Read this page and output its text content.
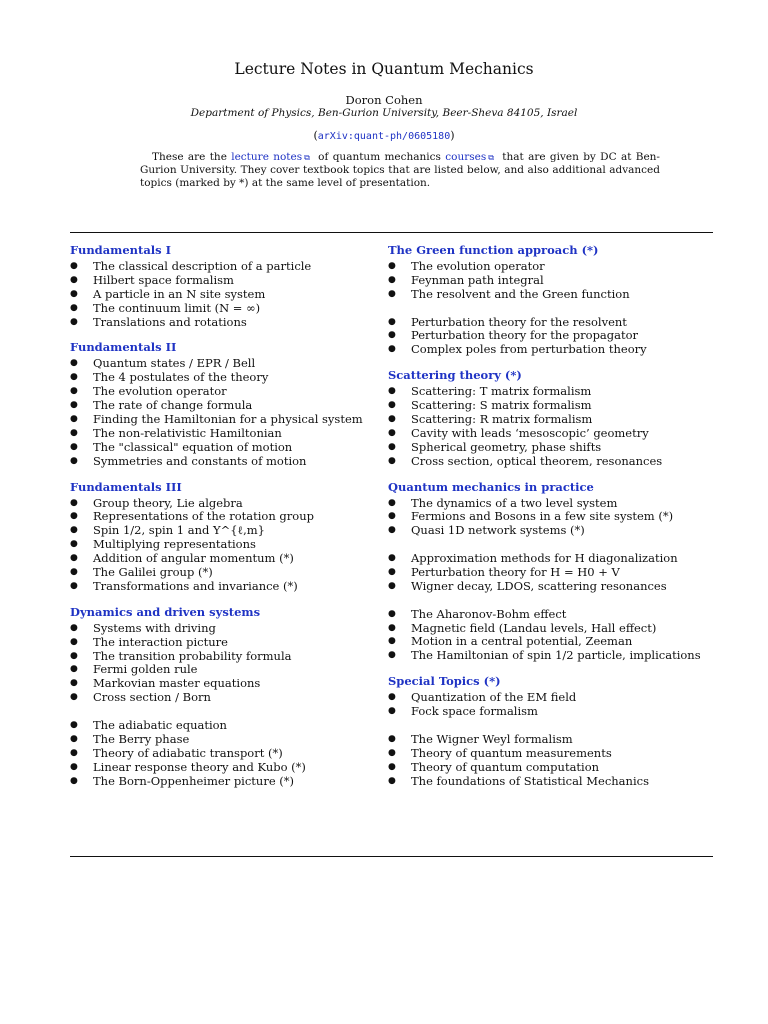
Lecture Notes in Quantum Mechanics
Doron Cohen
Department of Physics, Ben-Gurion University, Beer-Sheva 84105, Israel
(arXiv:quant-ph/0605180)
These are the lecture notes ⧉ of quantum mechanics courses ⧉ that are given by DC at Ben-Gurion University. They cover textbook topics that are listed below, and also additional advanced topics (marked by *) at the same level of presentation.
Fundamentals I
● The classical description of a particle
● Hilbert space formalism
● A particle in an N site system
● The continuum limit (N = ∞)
● Translations and rotations
Fundamentals II
● Quantum states / EPR / Bell
● The 4 postulates of the theory
● The evolution operator
● The rate of change formula
● Finding the Hamiltonian for a physical system
● The non-relativistic Hamiltonian
● The "classical" equation of motion
● Symmetries and constants of motion
Fundamentals III
● Group theory, Lie algebra
● Representations of the rotation group
● Spin 1/2, spin 1 and Y^{ℓ,m}
● Multiplying representations
● Addition of angular momentum (*)
● The Galilei group (*)
● Transformations and invariance (*)
Dynamics and driven systems
● Systems with driving
● The interaction picture
● The transition probability formula
● Fermi golden rule
● Markovian master equations
● Cross section / Born
● The adiabatic equation
● The Berry phase
● Theory of adiabatic transport (*)
● Linear response theory and Kubo (*)
● The Born-Oppenheimer picture (*)
The Green function approach (*)
● The evolution operator
● Feynman path integral
● The resolvent and the Green function
● Perturbation theory for the resolvent
● Perturbation theory for the propagator
● Complex poles from perturbation theory
Scattering theory (*)
● Scattering: T matrix formalism
● Scattering: S matrix formalism
● Scattering: R matrix formalism
● Cavity with leads ‘mesoscopic’ geometry
● Spherical geometry, phase shifts
● Cross section, optical theorem, resonances
Quantum mechanics in practice
● The dynamics of a two level system
● Fermions and Bosons in a few site system (*)
● Quasi 1D network systems (*)
● Approximation methods for H diagonalization
● Perturbation theory for H = H0 + V
● Wigner decay, LDOS, scattering resonances
● The Aharonov-Bohm effect
● Magnetic field (Landau levels, Hall effect)
● Motion in a central potential, Zeeman
● The Hamiltonian of spin 1/2 particle, implications
Special Topics (*)
● Quantization of the EM field
● Fock space formalism
● The Wigner Weyl formalism
● Theory of quantum measurements
● Theory of quantum computation
● The foundations of Statistical Mechanics
